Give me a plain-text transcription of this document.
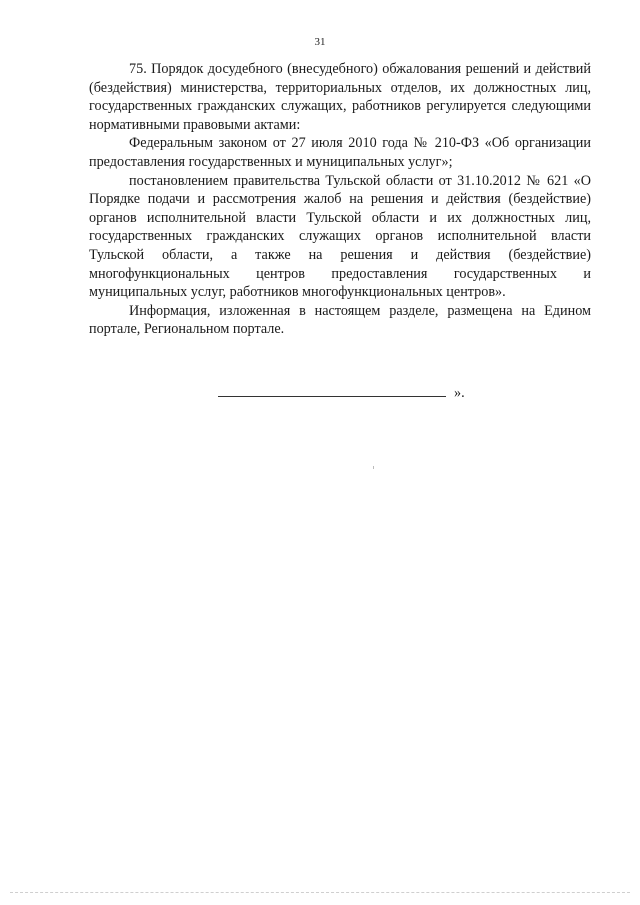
31

75. Порядок досудебного (внесудебного) обжалования решений и действий (бездействия) министерства, территориальных отделов, их должностных лиц, государственных гражданских служащих, работников регулируется следующими нормативными правовыми актами:

Федеральным законом от 27 июля 2010 года № 210-ФЗ «Об организации предоставления государственных и муниципальных услуг»;

постановлением правительства Тульской области от 31.10.2012 № 621 «О Порядке подачи и рассмотрения жалоб на решения и действия (бездействие) органов исполнительной власти Тульской области и их должностных лиц, государственных гражданских служащих органов исполнительной власти Тульской области, а также на решения и действия (бездействие) многофункциональных центров предоставления государственных и муниципальных услуг, работников многофункциональных центров».

Информация, изложенная в настоящем разделе, размещена на Едином портале, Региональном портале.

».
